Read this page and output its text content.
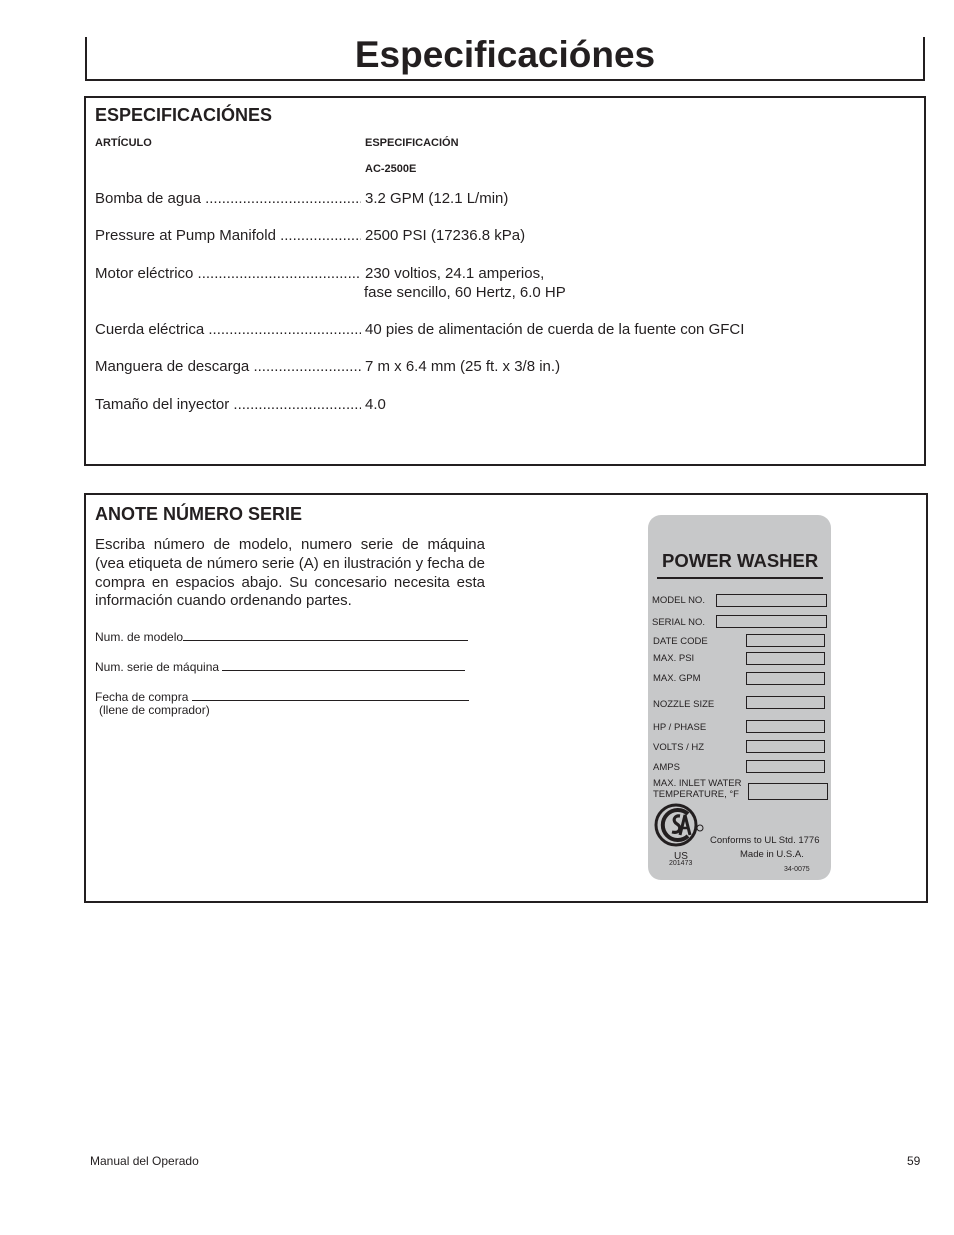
Especificaciónes
ESPECIFICACIÓNES
ARTÍCULO	ESPECIFICACIÓN
AC-2500E
Bomba de agua .....	3.2 GPM (12.1 L/min)
Pressure at Pump Manifold .....	2500 PSI (17236.8 kPa)
Motor eléctrico .....	230 voltios, 24.1 amperios,
fase sencillo, 60 Hertz, 6.0 HP
Cuerda eléctrica .....	40 pies de alimentación de cuerda de la fuente con GFCI
Manguera de descarga .....	7 m x 6.4 mm (25 ft. x 3/8 in.)
Tamaño del inyector .....	4.0
ANOTE NÚMERO SERIE
Escriba número de modelo, numero serie de máquina (vea etiqueta de número serie (A) en ilustración y fecha de compra en espacios abajo. Su concesario necesita esta información cuando ordenando partes.
Num. de modelo
Num. serie de máquina
Fecha de compra
(llene de comprador)
POWER WASHER
MODEL NO.
SERIAL NO.
DATE CODE
MAX. PSI
MAX. GPM
NOZZLE SIZE
HP / PHASE
VOLTS / HZ
AMPS
MAX. INLET WATER
TEMPERATURE, °F
US
201473
Conforms to UL Std. 1776
Made in U.S.A.
34-0075
Manual del Operado	59
